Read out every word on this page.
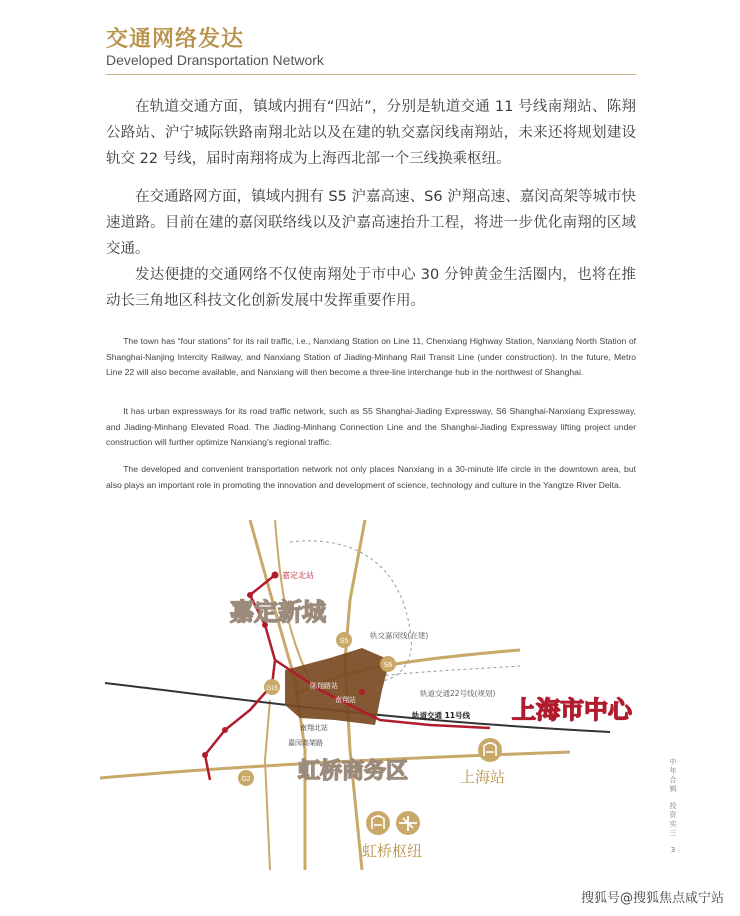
交通网络发达
Developed Dransportation Network

在轨道交通方面，镇域内拥有“四站”，分别是轨道交通 11 号线南翔站、陈翔公路站、沪宁城际铁路南翔北站以及在建的轨交嘉闵线南翔站，未来还将规划建设轨交 22 号线，届时南翔将成为上海西北部一个三线换乘枢纽。

在交通路网方面，镇域内拥有 S5 沪嘉高速、S6 沪翔高速、嘉闵高架等城市快速道路。目前在建的嘉闵联络线以及沪嘉高速抬升工程，将进一步优化南翔的区域交通。

发达便捷的交通网络不仅使南翔处于市中心 30 分钟黄金生活圈内，也将在推动长三角地区科技文化创新发展中发挥重要作用。

The town has “four stations” for its rail traffic, i.e., Nanxiang Station on Line 11, Chenxiang Highway Station, Nanxiang North Station of Shanghai-Nanjing Intercity Railway, and Nanxiang Station of Jiading-Minhang Rail Transit Line (under construction). In the future, Metro Line 22 will also become available, and Nanxiang will then become a three-line interchange hub in the northwest of Shanghai.

It has urban expressways for its road traffic network, such as S5 Shanghai-Jiading Expressway, S6 Shanghai-Nanxiang Expressway, and Jiading-Minhang Elevated Road. The Jiading-Minhang Connection Line and the Shanghai-Jiading Expressway lifting project under construction will further optimize Nanxiang's regional traffic.

The developed and convenient transportation network not only places Nanxiang in a 30-minute life circle in the downtown area, but also plays an important role in promoting the innovation and development of science, technology and culture in the Yangtze River Delta.

S5
S6
G15
G2
嘉定北站
嘉定新城
轨交嘉闵线(在建)
陈翔路站
南翔站
轨道交通22号线(规划)
轨道交通 11号线
南翔北站
嘉闵高架路
上海市中心
虹桥商务区	上海站
虹桥枢纽
中
年
合
辑
投
资
实
三
3
搜狐号@搜狐焦点咸宁站
